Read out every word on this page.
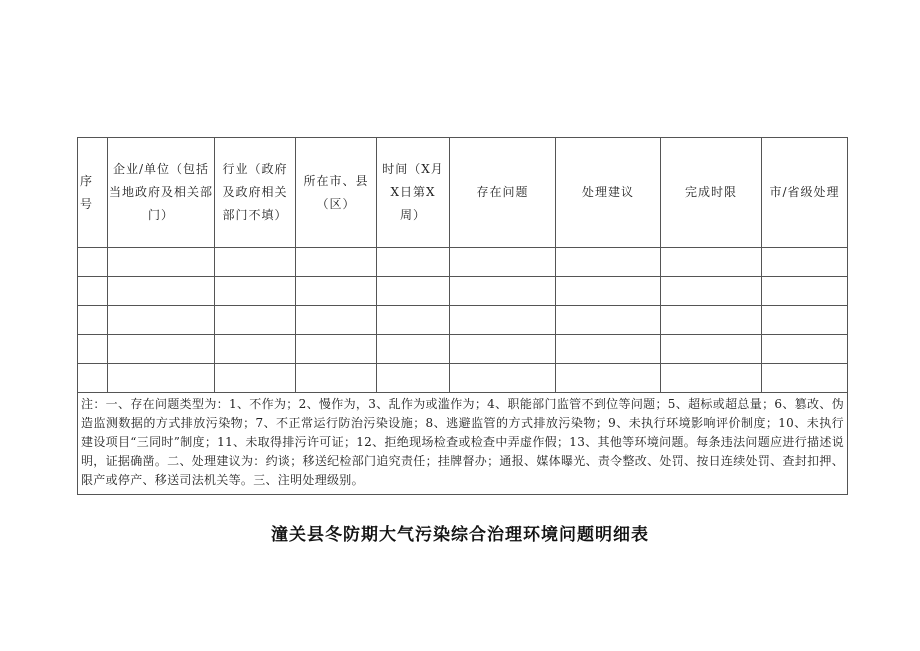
序
号	企业/单位（包括
当地政府及相关部
门）	行业（政府
及政府相关
部门不填）	所在市、县
（区）	时间（X月
X日第X
周）	存在问题	处理建议	完成时限	市/省级处理

注：一、存在问题类型为：1、不作为；2、慢作为，3、乱作为或滥作为；4、职能部门监管不到位等问题；5、超标或超总量；6、篡改、伪造监测数据的方式排放污染物；7、不正常运行防治污染设施；8、逃避监管的方式排放污染物；9、未执行环境影响评价制度；10、未执行建设项目“三同时”制度；11、未取得排污许可证；12、拒绝现场检查或检查中弄虚作假；13、其他等环境问题。每条违法问题应进行描述说明，证据确凿。二、处理建议为：约谈；移送纪检部门追究责任；挂牌督办；通报、媒体曝光、责令整改、处罚、按日连续处罚、查封扣押、限产或停产、移送司法机关等。三、注明处理级别。								
潼关县冬防期大气污染综合治理环境问题明细表
